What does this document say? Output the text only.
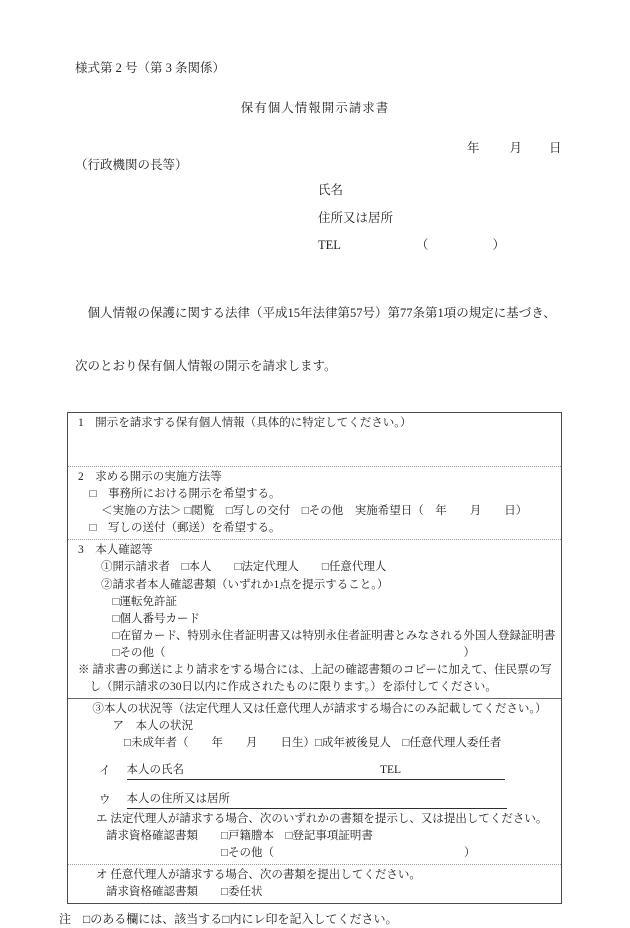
様式第 2 号（第 3 条関係）
保有個人情報開示請求書
年 月 日
（行政機関の長等）
氏名
住所又は居所
TEL	（	）

　個人情報の保護に関する法律（平成15年法律第57号）第77条第1項の規定に基づき、

次のとおり保有個人情報の開示を請求します。

1　開示を請求する保有個人情報（具体的に特定してください。）
2　求める開示の実施方法等

□ 　事務所における開示を希望する。
　　＜実施の方法＞ □ 閲覧　 □ 写しの交付　 □ その他　実施希望日（　年　　月　　日）

□ 　写しの送付（郵送）を希望する。
3　本人確認等
　　①開示請求者　 □ 本人　　 □ 法定代理人　　 □ 任意代理人
　　②請求者本人確認書類（いずれか1点を提示すること。）

□ 運転免許証

□ 個人番号カード

□ 在留カード、特別永住者証明書又は特別永住者証明書とみなされる外国人登録証明書

□ その他（	）
※ 請求書の郵送により請求をする場合には、上記の確認書類のコピーに加えて、住民票の写
　し（開示請求の30日以内に作成されたものに限ります。）を添付してください。
　 ③本人の状況等（法定代理人又は任意代理人が請求する場合にのみ記載してください。）
　　　ア　本人の状況

□ 未成年者（　　年　　月　　日生） □ 成年被後見人　 □ 任意代理人委任者
イ 本人の氏名	TEL
ウ 本人の住所又は居所
エ 法定代理人が請求する場合、次のいずれかの書類を提示し、又は提出してください。
請求資格確認書類　　 □ 戸籍謄本　 □ 登記事項証明書
□ その他（	）
オ 任意代理人が請求する場合、次の書類を提出してください。
請求資格確認書類　　 □ 委任状
注　□のある欄には、該当する□内にレ印を記入してください。
